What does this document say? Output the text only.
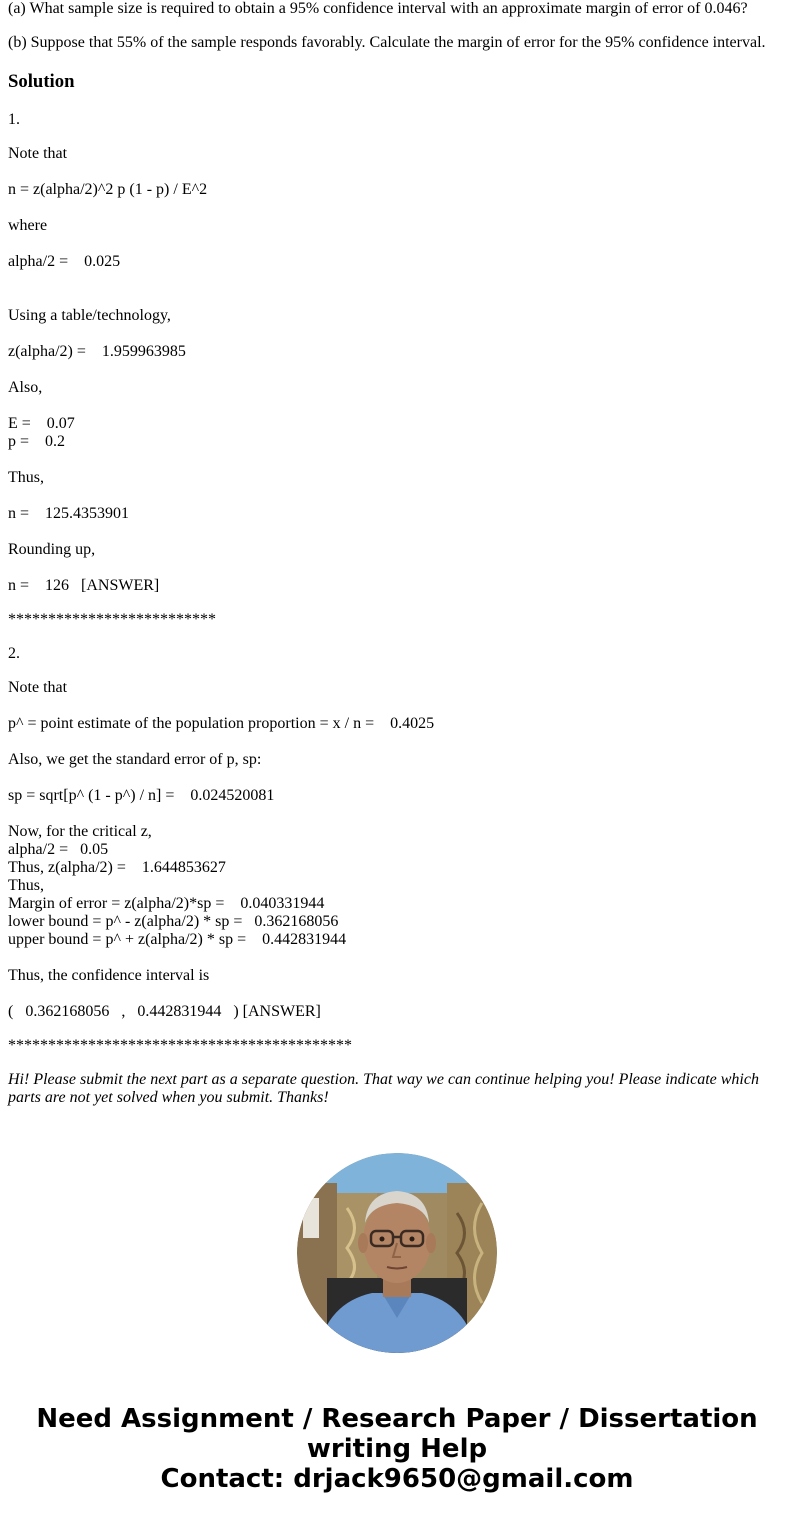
(a) What sample size is required to obtain a 95% confidence interval with an approximate margin of error of 0.046?

(b) Suppose that 55% of the sample responds favorably. Calculate the margin of error for the 95% confidence interval.

Solution
1.
Note that
n = z(alpha/2)^2 p (1 - p) / E^2
where
alpha/2 =    0.025
Using a table/technology,
z(alpha/2) =    1.959963985
Also,
E =    0.07
p =    0.2
Thus,
n =    125.4353901
Rounding up,
n =    126   [ANSWER]
**************************
2.
Note that
p^ = point estimate of the population proportion = x / n =    0.4025
Also, we get the standard error of p, sp:
sp = sqrt[p^ (1 - p^) / n] =    0.024520081
Now, for the critical z,
alpha/2 =   0.05
Thus, z(alpha/2) =    1.644853627
Thus,
Margin of error = z(alpha/2)*sp =    0.040331944
lower bound = p^ - z(alpha/2) * sp =   0.362168056
upper bound = p^ + z(alpha/2) * sp =    0.442831944
Thus, the confidence interval is
(   0.362168056   ,   0.442831944   ) [ANSWER]
*******************************************

Hi! Please submit the next part as a separate question. That way we can continue helping you! Please indicate which parts are not yet solved when you submit. Thanks!

Need Assignment / Research Paper / Dissertation
writing Help
Contact: drjack9650@gmail.com
